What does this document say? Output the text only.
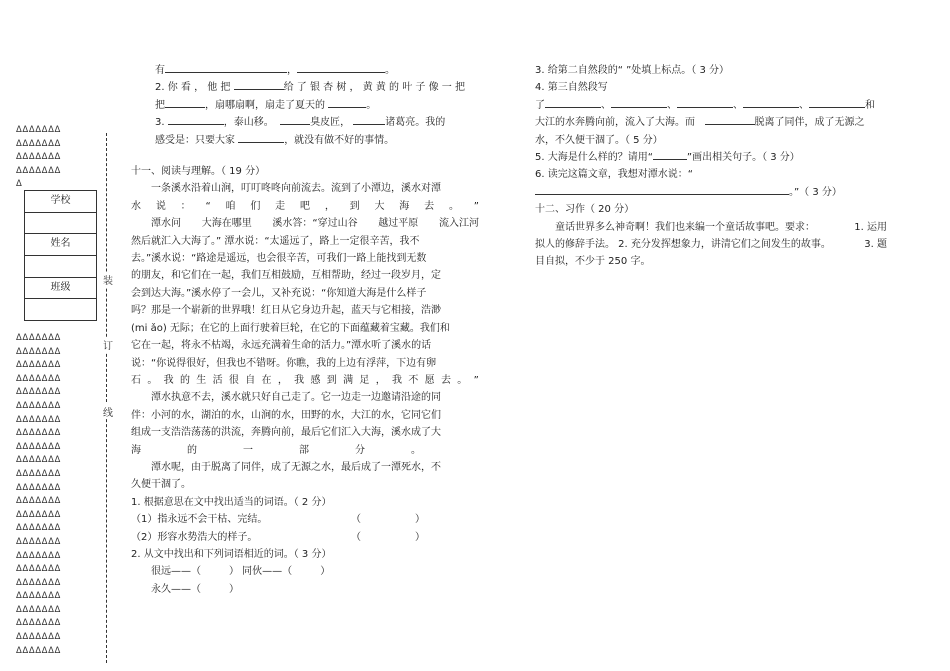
ΔΔΔΔΔΔΔ
ΔΔΔΔΔΔΔ
ΔΔΔΔΔΔΔ
ΔΔΔΔΔΔΔ
Δ
学校

姓名

班级

ΔΔΔΔΔΔΔ
ΔΔΔΔΔΔΔ
ΔΔΔΔΔΔΔ
ΔΔΔΔΔΔΔ
ΔΔΔΔΔΔΔ
ΔΔΔΔΔΔΔ
ΔΔΔΔΔΔΔ
ΔΔΔΔΔΔΔ
ΔΔΔΔΔΔΔ
ΔΔΔΔΔΔΔ
ΔΔΔΔΔΔΔ
ΔΔΔΔΔΔΔ
ΔΔΔΔΔΔΔ
ΔΔΔΔΔΔΔ
ΔΔΔΔΔΔΔ
ΔΔΔΔΔΔΔ
ΔΔΔΔΔΔΔ
ΔΔΔΔΔΔΔ
ΔΔΔΔΔΔΔ
ΔΔΔΔΔΔΔ
ΔΔΔΔΔΔΔ
ΔΔΔΔΔΔΔ
ΔΔΔΔΔΔΔ
ΔΔΔΔΔΔΔ
装
订
线

有	，	。

2. 你 看 ， 他 把	给 了 银 杏 树 ， 黄 黄 的 叶 子 像 一 把

把	，扇哪扇啊，扇走了夏天的	。

3.	，泰山移。	臭皮匠，	诸葛亮。我的

感受是：只要大家	，就没有做不好的事情。

十一、阅读与理解。（ 19 分）

一条溪水沿着山涧，叮叮咚咚向前流去。流到了小潭边，溪水对潭

水 说 ： “ 咱 们 走 吧 ， 到 大 海 去 。 ”

潭水问 大海在哪里 溪水答：“穿过山谷 越过平原 流入江河

然后就汇入大海了。” 潭水说：“太遥远了，路上一定很辛苦，我不

去。”溪水说：“路途是遥远，也会很辛苦，可我们一路上能找到无数

的朋友，和它们在一起，我们互相鼓励，互相帮助，经过一段岁月，定

会到达大海。”溪水停了一会儿，又补充说：“你知道大海是什么样子

吗？那是一个崭新的世界哦！红日从它身边升起，蓝天与它相接，浩渺

(mi ǎo) 无际；在它的上面行驶着巨轮，在它的下面蕴藏着宝藏。我们和

它在一起，将永不枯竭，永远充满着生命的活力。”潭水听了溪水的话

说：“你说得很好，但我也不错呀。你瞧，我的上边有浮萍，下边有卵

石 。 我 的 生 活 很 自 在 ， 我 感 到 满 足 ， 我 不 愿 去 。 ”

潭水执意不去，溪水就只好自己走了。它一边走一边邀请沿途的同

伴：小河的水，湖泊的水，山涧的水，田野的水，大江的水，它同它们

组成一支浩浩荡荡的洪流，奔腾向前，最后它们汇入大海，溪水成了大

海	的	一	部	分	。

潭水呢，由于脱离了同伴，成了无源之水，最后成了一潭死水，不

久便干涸了。

1. 根据意思在文中找出适当的词语。（ 2 分）

（1）指永远不会干枯、完结。	（	）

（2）形容水势浩大的样子。	（	）

2. 从文中找出和下列词语相近的词。（ 3 分）

很远——（	） 同伙——（	）

永久——（	）

3. 给第二自然段的“ ”处填上标点。（ 3 分）

4. 第三自然段写

了	、	、	、	、	和

大江的水奔腾向前，流入了大海。而	脱离了同伴，成了无源之

水，不久便干涸了。（ 5 分）

5. 大海是什么样的？请用“	”画出相关句子。（ 3 分）

6. 读完这篇文章，我想对潭水说：“

。”（ 3 分）

十二、习作（ 20 分）

童话世界多么神奇啊！我们也来编一个童话故事吧。要求：	1. 运用

拟人的修辞手法。 2. 充分发挥想象力，讲清它们之间发生的故事。	3. 题

目自拟，不少于 250 字。
